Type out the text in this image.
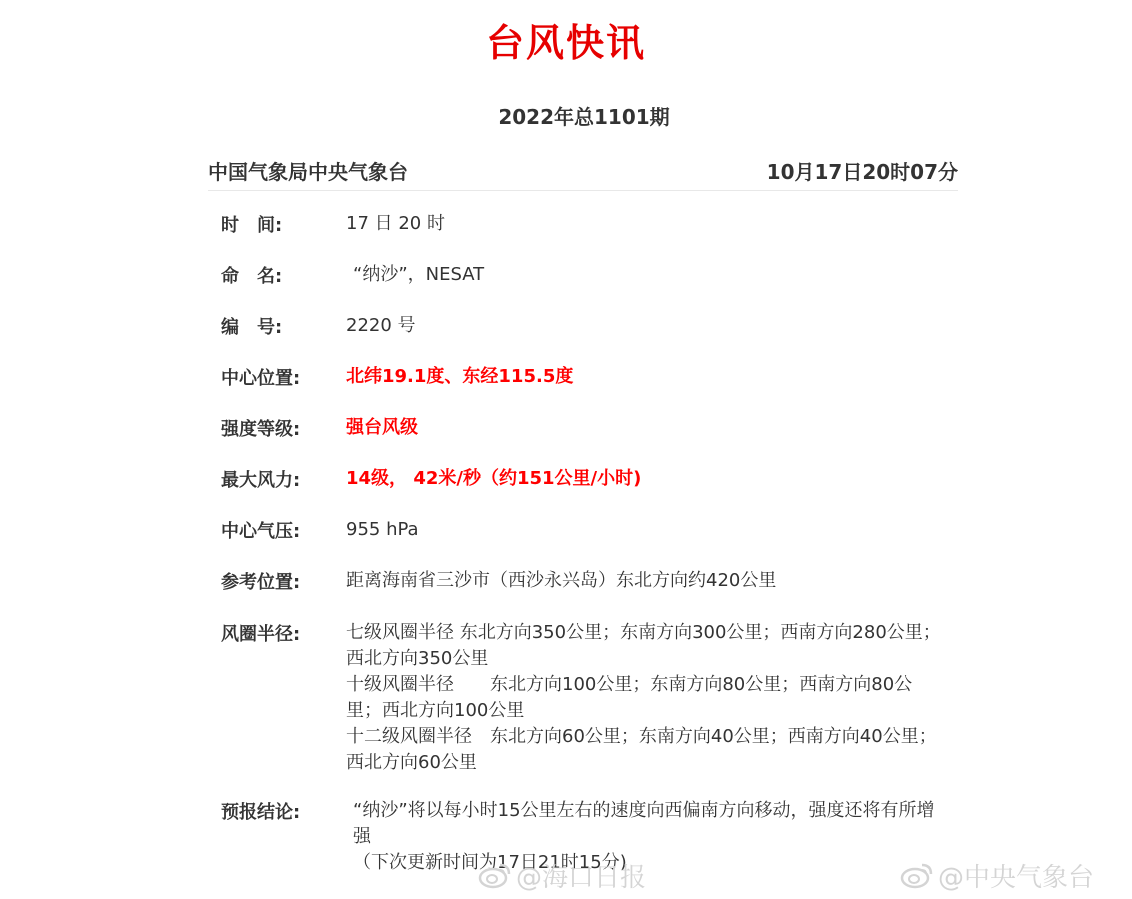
台风快讯
2022年总1101期
中国气象局中央气象台	10月17日20时07分
时　间:	17 日 20 时
命　名:	“纳沙”，NESAT
编　号:	2220 号
中心位置:	北纬19.1度、东经115.5度
强度等级:	强台风级
最大风力:	14级， 42米/秒（约151公里/小时)
中心气压:	955 hPa
参考位置:	距离海南省三沙市（西沙永兴岛）东北方向约420公里
风圈半径:	七级风圈半径 东北方向350公里；东南方向300公里；西南方向280公里；西北方向350公里
十级风圈半径　　东北方向100公里；东南方向80公里；西南方向80公里；西北方向100公里
十二级风圈半径　东北方向60公里；东南方向40公里；西南方向40公里；西北方向60公里
预报结论:	“纳沙”将以每小时15公里左右的速度向西偏南方向移动，强度还将有所增强
（下次更新时间为17日21时15分)
@海口日报	@中央气象台
